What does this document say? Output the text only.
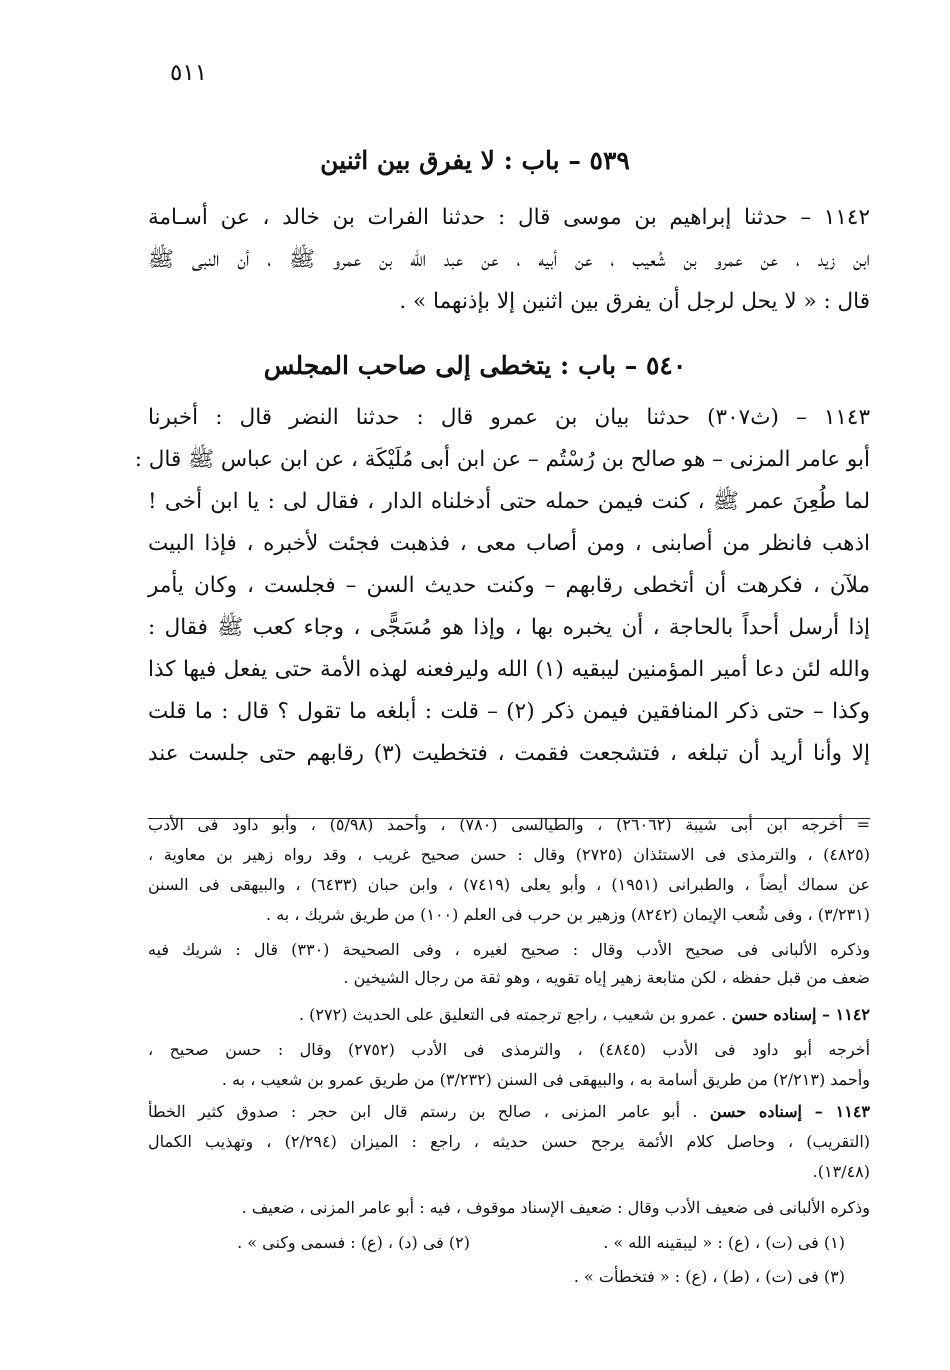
٥١١
٥٣٩ – باب : لا يفرق بين اثنين
١١٤٢ – حدثنا إبراهيم بن موسى قال : حدثنا الفرات بن خالد ، عن أسـامة
ابن زيد ، عن عمرو بن شُعيب ، عن أبيه ، عن عبد الله بن عمرو ﷺ ، أن النبى ﷺ
قال : « لا يحل لرجل أن يفرق بين اثنين إلا بإذنهما » .
٥٤٠ – باب : يتخطى إلى صاحب المجلس
١١٤٣ – (ث٣٠٧) حدثنا بيان بن عمرو قال : حدثنا النضر قال : أخبرنا
أبو عامر المزنى – هو صالح بن رُسْتُم – عن ابن أبى مُلَيْكَة ، عن ابن عباس ﷺ قال :
لما طُعِنَ عمر ﷺ ، كنت فيمن حمله حتى أدخلناه الدار ، فقال لى : يا ابن أخى !
اذهب فانظر من أصابنى ، ومن أصاب معى ، فذهبت فجئت لأخبره ، فإذا البيت
ملآن ، فكرهت أن أتخطى رقابهم – وكنت حديث السن – فجلست ، وكان يأمر
إذا أرسل أحداً بالحاجة ، أن يخبره بها ، وإذا هو مُسَجًّى ، وجاء كعب ﷺ فقال :
والله لئن دعا أمير المؤمنين ليبقيه (١) الله وليرفعنه لهذه الأمة حتى يفعل فيها كذا
وكذا – حتى ذكر المنافقين فيمن ذكر (٢) – قلت : أبلغه ما تقول ؟ قال : ما قلت
إلا وأنا أريد أن تبلغه ، فتشجعت فقمت ، فتخطيت (٣) رقابهم حتى جلست عند
= أخرجه ابن أبى شيبة (٢٦٠٦٢) ، والطيالسى (٧٨٠) ، وأحمد (٥/٩٨) ، وأبو داود فى الأدب
(٤٨٢٥) ، والترمذى فى الاستئذان (٢٧٢٥) وقال : حسن صحيح غريب ، وقد رواه زهير بن معاوية ،
عن سماك أيضاً ، والطبرانى (١٩٥١) ، وأبو يعلى (٧٤١٩) ، وابن حبان (٦٤٣٣) ، والبيهقى فى السنن
(٣/٢٣١) ، وفى شُعب الإيمان (٨٢٤٢) وزهير بن حرب فى العلم (١٠٠) من طريق شريك ، به .
وذكره الألبانى فى صحيح الأدب وقال : صحيح لغيره ، وفى الصحيحة (٣٣٠) قال : شريك فيه
ضعف من قبل حفظه ، لكن متابعة زهير إياه تقويه ، وهو ثقة من رجال الشيخين .
١١٤٢ – إسناده حسن . عمرو بن شعيب ، راجع ترجمته فى التعليق على الحديث (٢٧٢) .
أخرجه أبو داود فى الأدب (٤٨٤٥) ، والترمذى فى الأدب (٢٧٥٢) وقال : حسن صحيح ،
وأحمد (٢/٢١٣) من طريق أسامة به ، والبيهقى فى السنن (٣/٢٣٢) من طريق عمرو بن شعيب ، به .
١١٤٣ – إسناده حسن . أبو عامر المزنى ، صالح بن رستم قال ابن حجر : صدوق كثير الخطأ
(التقريب) ، وحاصل كلام الأئمة يرجح حسن حديثه ، راجع : الميزان (٢/٢٩٤) ، وتهذيب الكمال
(١٣/٤٨).
وذكره الألبانى فى ضعيف الأدب وقال : ضعيف الإسناد موقوف ، فيه : أبو عامر المزنى ، ضعيف .
(١) فى (ت) ، (ع) : « ليبقينه الله » .
(٢) فى (د) ، (ع) : فسمى وكنى » .
(٣) فى (ت) ، (ط) ، (ع) : « فتخطأت » .
